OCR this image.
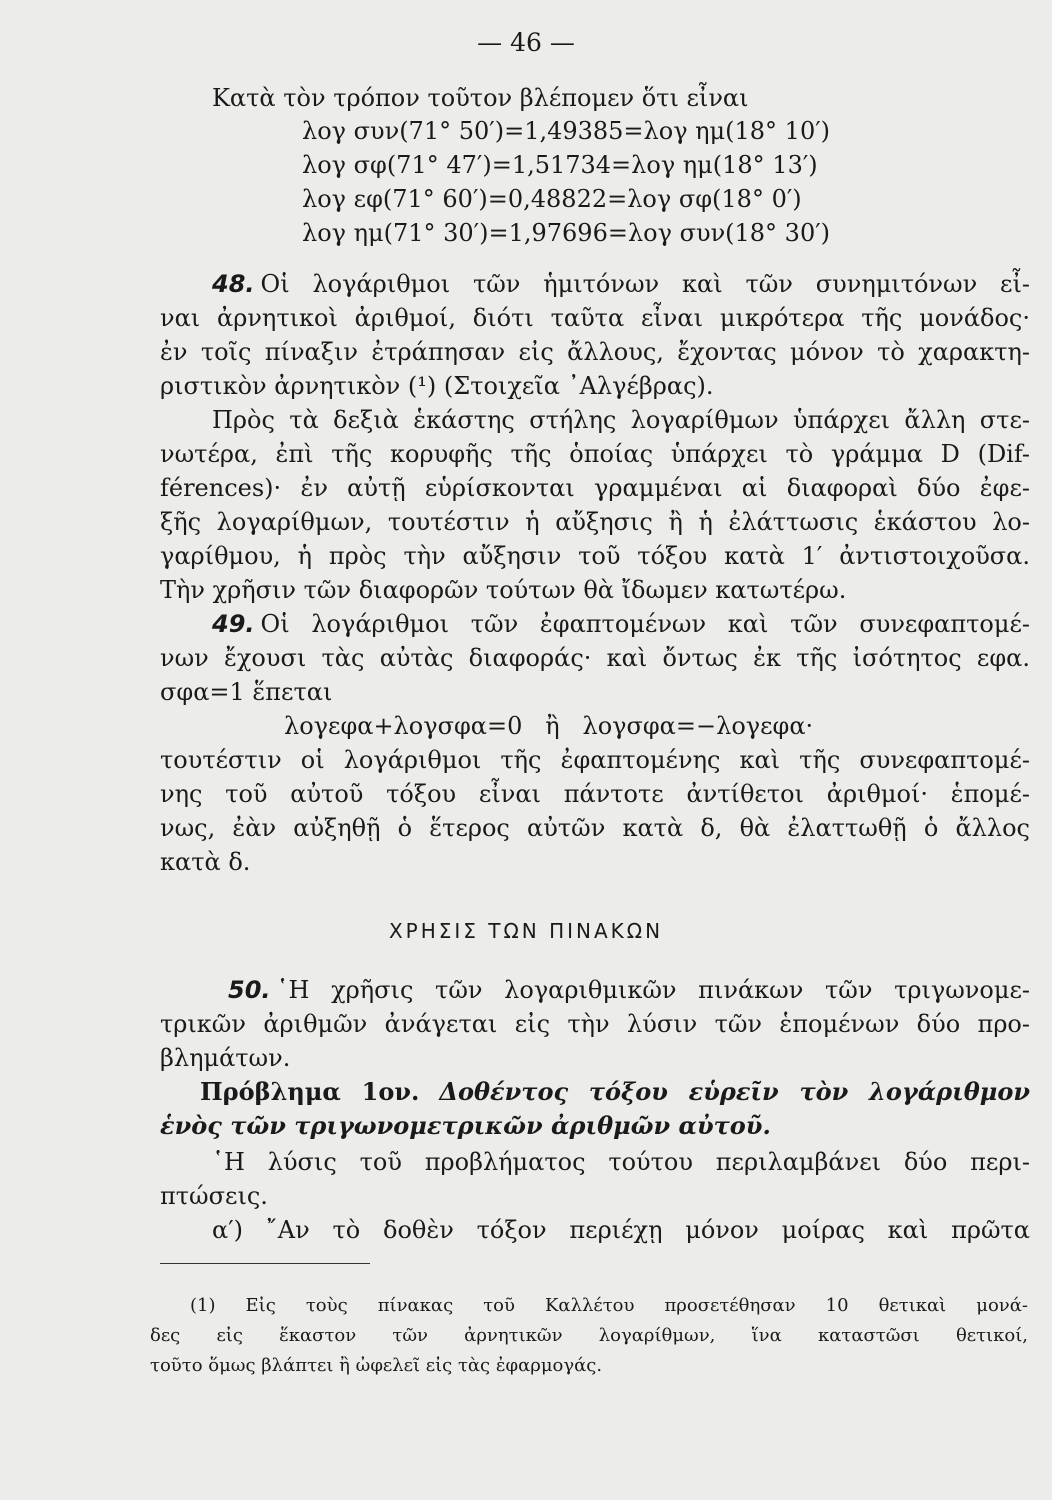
— 46 —
Κατὰ τὸν τρόπον τοῦτον βλέπομεν ὅτι εἶναι
λογ συν(71° 50′)=1,49385=λογ ημ(18° 10′)
λογ σφ(71° 47′)=1,51734=λογ ημ(18° 13′)
λογ εφ(71° 60′)=0,48822=λογ σφ(18° 0′)
λογ ημ(71° 30′)=1,97696=λογ συν(18° 30′)
48. Οἱ λογάριθμοι τῶν ἡμιτόνων καὶ τῶν συνημιτόνων εἶ-
ναι ἀρνητικοὶ ἀριθμοί, διότι ταῦτα εἶναι μικρότερα τῆς μονάδος·
ἐν τοῖς πίναξιν ἐτράπησαν εἰς ἄλλους, ἔχοντας μόνον τὸ χαρακτη-
ριστικὸν ἀρνητικὸν (¹) (Στοιχεῖα ᾿Αλγέβρας).
Πρὸς τὰ δεξιὰ ἑκάστης στήλης λογαρίθμων ὑπάρχει ἄλλη στε-
νωτέρα, ἐπὶ τῆς κορυφῆς τῆς ὁποίας ὑπάρχει τὸ γράμμα D (Dif-
férences)· ἐν αὐτῇ εὑρίσκονται γραμμέναι αἱ διαφοραὶ δύο ἐφε-
ξῆς λογαρίθμων, τουτέστιν ἡ αὔξησις ἢ ἡ ἐλάττωσις ἑκάστου λο-
γαρίθμου, ἡ πρὸς τὴν αὔξησιν τοῦ τόξου κατὰ 1′ ἀντιστοιχοῦσα.
Τὴν χρῆσιν τῶν διαφορῶν τούτων θὰ ἴδωμεν κατωτέρω.
49. Οἱ λογάριθμοι τῶν ἐφαπτομένων καὶ τῶν συνεφαπτομέ-
νων ἔχουσι τὰς αὐτὰς διαφοράς· καὶ ὄντως ἐκ τῆς ἰσότητος εφα.
σφα=1 ἕπεται
λογεφα+λογσφα=0   ἢ   λογσφα=−λογεφα·
τουτέστιν οἱ λογάριθμοι τῆς ἐφαπτομένης καὶ τῆς συνεφαπτομέ-
νης τοῦ αὐτοῦ τόξου εἶναι πάντοτε ἀντίθετοι ἀριθμοί· ἑπομέ-
νως, ἐὰν αὐξηθῇ ὁ ἕτερος αὐτῶν κατὰ δ, θὰ ἐλαττωθῇ ὁ ἄλλος
κατὰ δ.
ΧΡΗΣΙΣ ΤΩΝ ΠΙΝΑΚΩΝ
50. ῾Η χρῆσις τῶν λογαριθμικῶν πινάκων τῶν τριγωνομε-
τρικῶν ἀριθμῶν ἀνάγεται εἰς τὴν λύσιν τῶν ἑπομένων δύο προ-
βλημάτων.
Πρόβλημα 1ον. Δοθέντος τόξου εὑρεῖν τὸν λογάριθμον
ἑνὸς τῶν τριγωνομετρικῶν ἀριθμῶν αὐτοῦ.
῾Η λύσις τοῦ προβλήματος τούτου περιλαμβάνει δύο περι-
πτώσεις.
α′) ῎Αν τὸ δοθὲν τόξον περιέχῃ μόνον μοίρας καὶ πρῶτα
(1) Εἰς τοὺς πίνακας τοῦ Καλλέτου προσετέθησαν 10 θετικαὶ μονά-
δες εἰς ἕκαστον τῶν ἀρνητικῶν λογαρίθμων, ἵνα καταστῶσι θετικοί,
τοῦτο ὅμως βλάπτει ἢ ὠφελεῖ εἰς τὰς ἐφαρμογάς.
